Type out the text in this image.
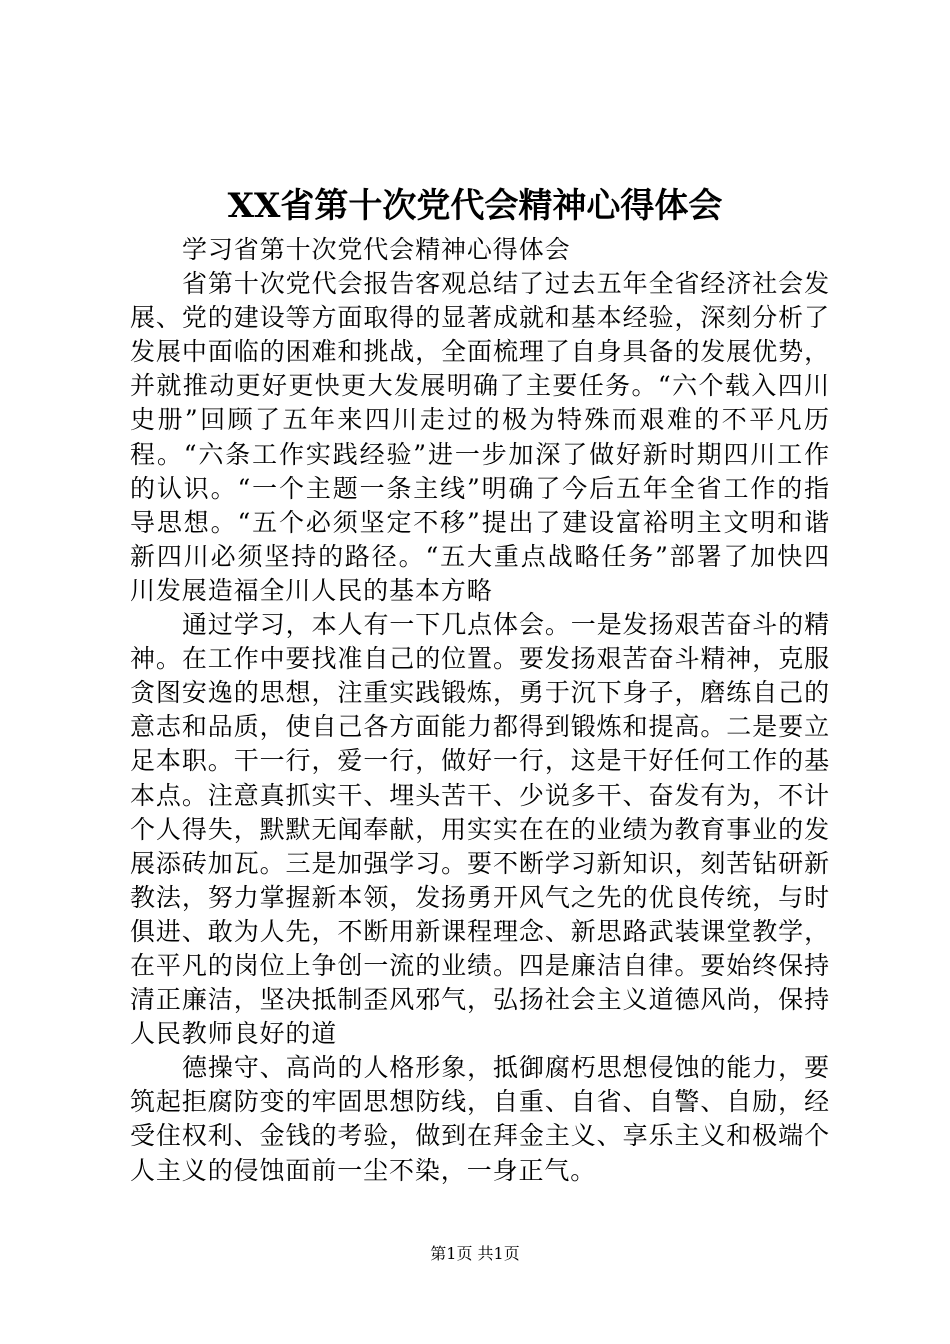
XX省第十次党代会精神心得体会

学习省第十次党代会精神心得体会

省第十次党代会报告客观总结了过去五年全省经济社会发展、党的建设等方面取得的显著成就和基本经验，深刻分析了发展中面临的困难和挑战，全面梳理了自身具备的发展优势，并就推动更好更快更大发展明确了主要任务。“六个载入四川史册”回顾了五年来四川走过的极为特殊而艰难的不平凡历程。“六条工作实践经验”进一步加深了做好新时期四川工作的认识。“一个主题一条主线”明确了今后五年全省工作的指导思想。“五个必须坚定不移”提出了建设富裕明主文明和谐新四川必须坚持的路径。“五大重点战略任务”部署了加快四川发展造福全川人民的基本方略

通过学习，本人有一下几点体会。一是发扬艰苦奋斗的精神。在工作中要找准自己的位置。要发扬艰苦奋斗精神，克服贪图安逸的思想，注重实践锻炼，勇于沉下身子，磨练自己的意志和品质，使自己各方面能力都得到锻炼和提高。二是要立足本职。干一行，爱一行，做好一行，这是干好任何工作的基本点。注意真抓实干、埋头苦干、少说多干、奋发有为，不计个人得失，默默无闻奉献，用实实在在的业绩为教育事业的发展添砖加瓦。三是加强学习。要不断学习新知识，刻苦钻研新教法，努力掌握新本领，发扬勇开风气之先的优良传统，与时俱进、敢为人先，不断用新课程理念、新思路武装课堂教学，在平凡的岗位上争创一流的业绩。四是廉洁自律。要始终保持清正廉洁，坚决抵制歪风邪气，弘扬社会主义道德风尚，保持人民教师良好的道

德操守、高尚的人格形象，抵御腐朽思想侵蚀的能力，要筑起拒腐防变的牢固思想防线，自重、自省、自警、自励，经受住权利、金钱的考验，做到在拜金主义、享乐主义和极端个人主义的侵蚀面前一尘不染，一身正气。

第1页 共1页
